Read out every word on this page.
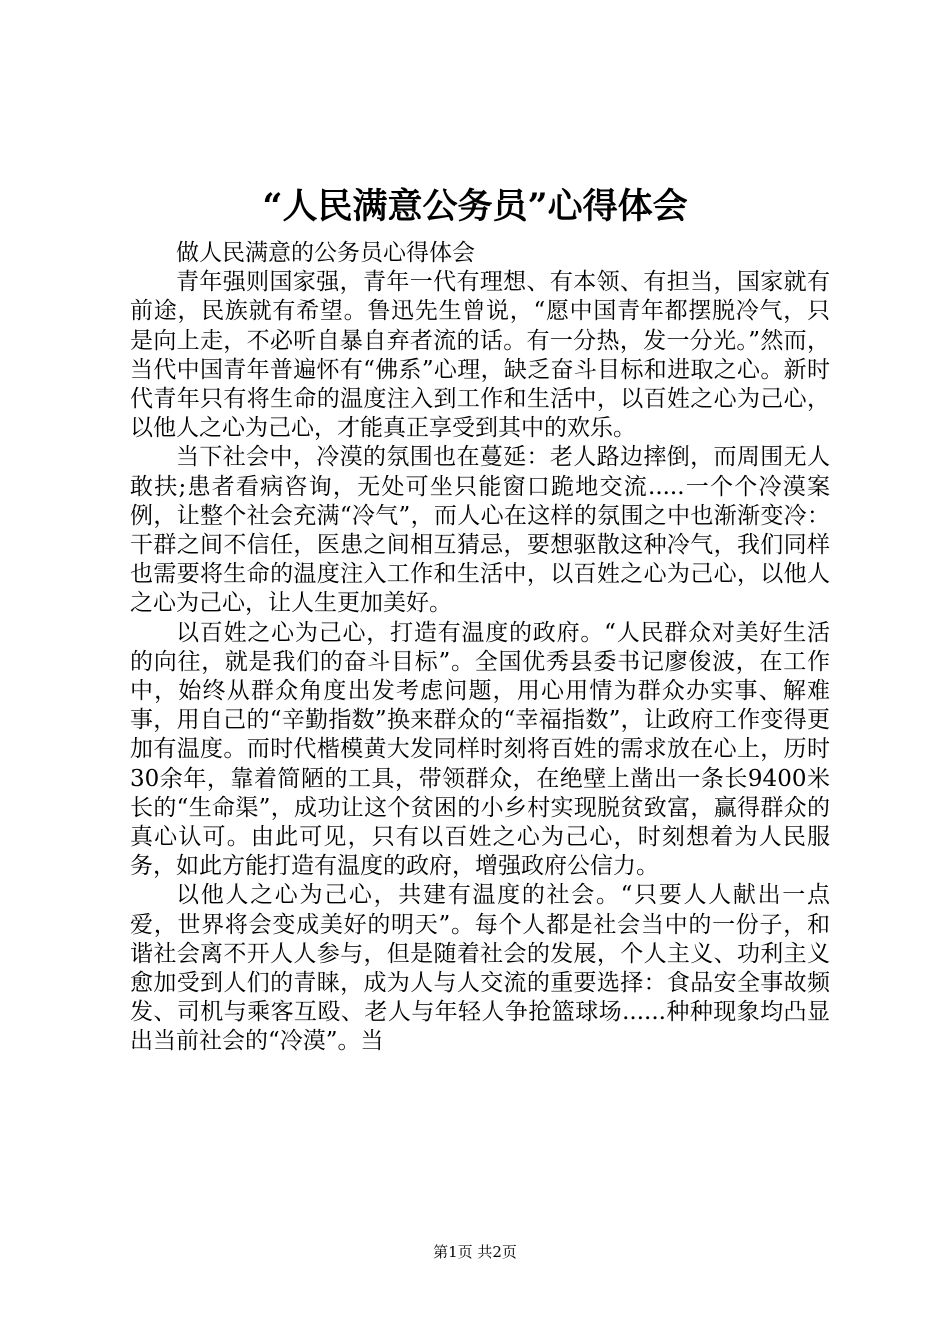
“人民满意公务员”心得体会

做人民满意的公务员心得体会

青年强则国家强，青年一代有理想、有本领、有担当，国家就有前途，民族就有希望。鲁迅先生曾说，“愿中国青年都摆脱冷气，只是向上走，不必听自暴自弃者流的话。有一分热，发一分光。”然而，当代中国青年普遍怀有“佛系”心理，缺乏奋斗目标和进取之心。新时代青年只有将生命的温度注入到工作和生活中，以百姓之心为己心，以他人之心为己心，才能真正享受到其中的欢乐。

当下社会中，冷漠的氛围也在蔓延：老人路边摔倒，而周围无人敢扶;患者看病咨询，无处可坐只能窗口跪地交流.....一个个冷漠案例，让整个社会充满“冷气”，而人心在这样的氛围之中也渐渐变冷：干群之间不信任，医患之间相互猜忌，要想驱散这种冷气，我们同样也需要将生命的温度注入工作和生活中，以百姓之心为己心，以他人之心为己心，让人生更加美好。

以百姓之心为己心，打造有温度的政府。“人民群众对美好生活的向往，就是我们的奋斗目标”。全国优秀县委书记廖俊波，在工作中，始终从群众角度出发考虑问题，用心用情为群众办实事、解难事，用自己的“辛勤指数”换来群众的“幸福指数”，让政府工作变得更加有温度。而时代楷模黄大发同样时刻将百姓的需求放在心上，历时30余年，靠着简陋的工具，带领群众，在绝壁上凿出一条长9400米长的“生命渠”，成功让这个贫困的小乡村实现脱贫致富，赢得群众的真心认可。由此可见，只有以百姓之心为己心，时刻想着为人民服务，如此方能打造有温度的政府，增强政府公信力。

以他人之心为己心，共建有温度的社会。“只要人人献出一点爱，世界将会变成美好的明天”。每个人都是社会当中的一份子，和谐社会离不开人人参与，但是随着社会的发展，个人主义、功利主义愈加受到人们的青睐，成为人与人交流的重要选择：食品安全事故频发、司机与乘客互殴、老人与年轻人争抢篮球场......种种现象均凸显出当前社会的“冷漠”。当

第1页 共2页
